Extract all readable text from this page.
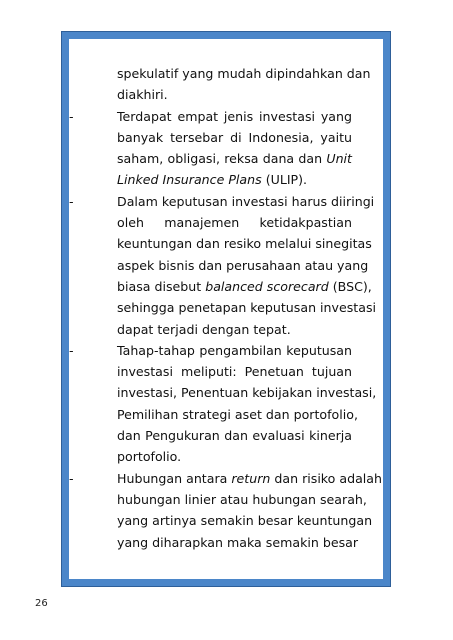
spekulatif yang mudah dipindahkan dan
diakhiri.
-	Terdapat empat jenis investasi yang
banyak tersebar di Indonesia, yaitu
saham, obligasi, reksa dana dan Unit
Linked Insurance Plans (ULIP).
-	Dalam keputusan investasi harus diiringi
oleh manajemen ketidakpastian
keuntungan dan resiko melalui sinegitas
aspek bisnis dan perusahaan atau yang
biasa disebut balanced scorecard (BSC),
sehingga penetapan keputusan investasi
dapat terjadi dengan tepat.
-	Tahap-tahap pengambilan keputusan
investasi meliputi: Penetuan tujuan
investasi, Penentuan kebijakan investasi,
Pemilihan strategi aset dan portofolio,
dan Pengukuran dan evaluasi kinerja
portofolio.
-	Hubungan antara return dan risiko adalah
hubungan linier atau hubungan searah,
yang artinya semakin besar keuntungan
yang diharapkan maka semakin besar
26
